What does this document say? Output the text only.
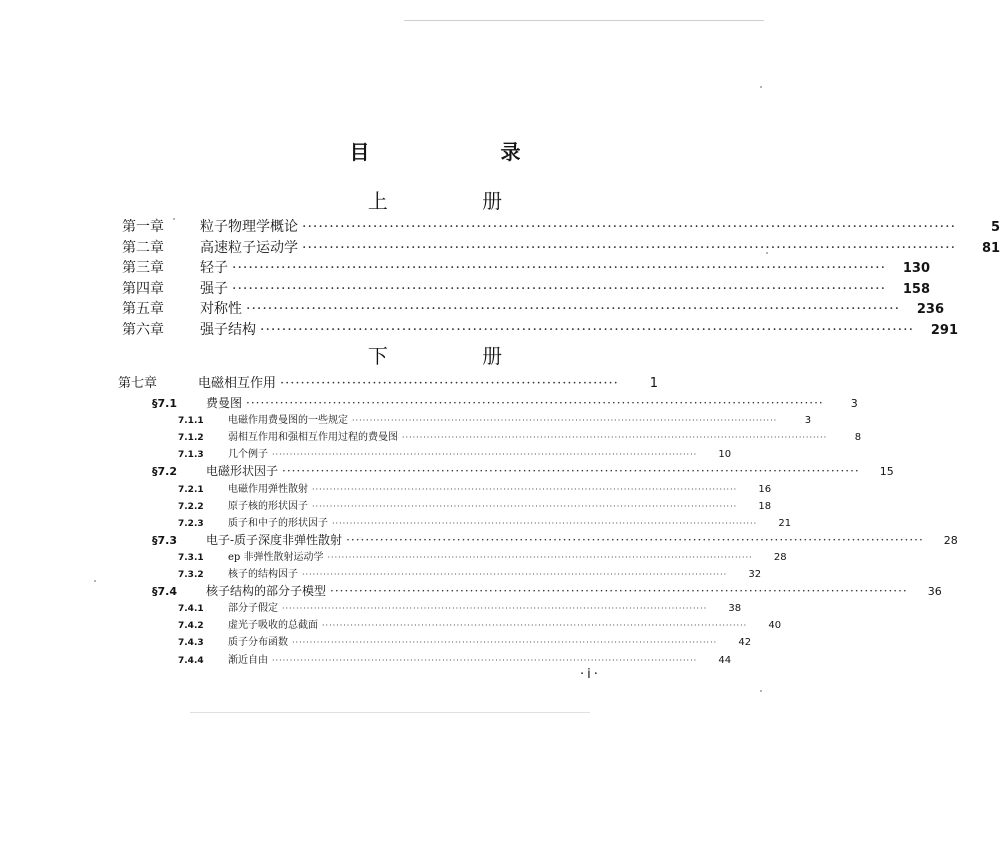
目 录
上 册
第一章	粒子物理学概论 ························································································································	5
第二章	高速粒子运动学 ························································································································	81
第三章	轻子 ························································································································	130
第四章	强子 ························································································································	158
第五章	对称性 ························································································································	236
第六章	强子结构 ························································································································	291
下 册
第七章	电磁相互作用 ··································································	1
§7.1	费曼图 ························································································································	3
7.1.1	电磁作用费曼图的一些规定 ························································································································	3
7.1.2	弱相互作用和强相互作用过程的费曼图 ························································································································	8
7.1.3	几个例子 ························································································································	10
§7.2	电磁形状因子 ························································································································	15
7.2.1	电磁作用弹性散射 ························································································································	16
7.2.2	原子核的形状因子 ························································································································	18
7.2.3	质子和中子的形状因子 ························································································································	21
§7.3	电子-质子深度非弹性散射 ························································································································	28
7.3.1	ep 非弹性散射运动学 ························································································································	28
7.3.2	核子的结构因子 ························································································································	32
§7.4	核子结构的部分子模型 ························································································································	36
7.4.1	部分子假定 ························································································································	38
7.4.2	虚光子吸收的总截面 ························································································································	40
7.4.3	质子分布函数 ························································································································	42
7.4.4	渐近自由 ························································································································	44
·i·
